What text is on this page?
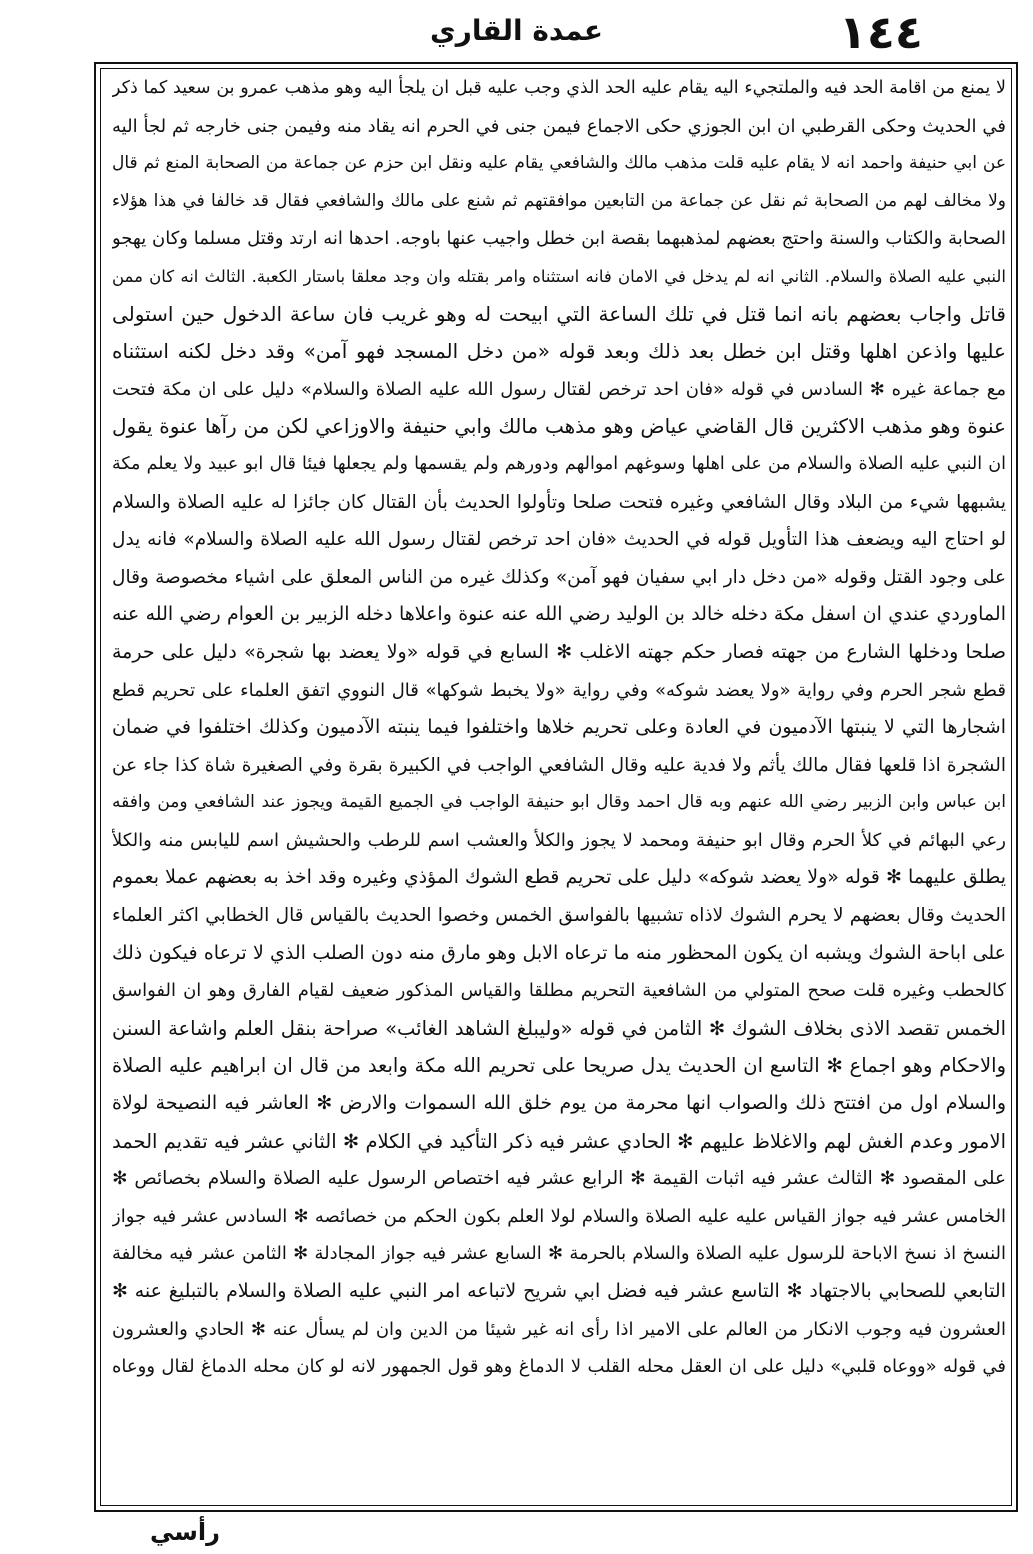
١٤٤
عمدة القاري
لا يمنع من اقامة الحد فيه والملتجيء اليه يقام عليه الحد الذي وجب عليه قبل ان يلجأ اليه وهو مذهب عمرو بن سعيد كما ذكر
في الحديث وحكى القرطبي ان ابن الجوزي حكى الاجماع فيمن جنى في الحرم انه يقاد منه وفيمن جنى خارجه ثم لجأ اليه
عن ابي حنيفة واحمد انه لا يقام عليه قلت مذهب مالك والشافعي يقام عليه ونقل ابن حزم عن جماعة من الصحابة المنع ثم قال
ولا مخالف لهم من الصحابة ثم نقل عن جماعة من التابعين موافقتهم ثم شنع على مالك والشافعي فقال قد خالفا في هذا هؤلاء
الصحابة والكتاب والسنة واحتج بعضهم لمذهبهما بقصة ابن خطل واجيب عنها باوجه. احدها انه ارتد وقتل مسلما وكان يهجو
النبي عليه الصلاة والسلام. الثاني انه لم يدخل في الامان فانه استثناه وامر بقتله وان وجد معلقا باستار الكعبة. الثالث انه كان ممن
قاتل واجاب بعضهم بانه انما قتل في تلك الساعة التي ابيحت له وهو غريب فان ساعة الدخول حين استولى
عليها واذعن اهلها وقتل ابن خطل بعد ذلك وبعد قوله «من دخل المسجد فهو آمن» وقد دخل لكنه استثناه
مع جماعة غيره ✻ السادس في قوله «فان احد ترخص لقتال رسول الله عليه الصلاة والسلام» دليل على ان مكة فتحت
عنوة وهو مذهب الاكثرين قال القاضي عياض وهو مذهب مالك وابي حنيفة والاوزاعي لكن من رآها عنوة يقول
ان النبي عليه الصلاة والسلام من على اهلها وسوغهم اموالهم ودورهم ولم يقسمها ولم يجعلها فيئا قال ابو عبيد ولا يعلم مكة
يشبهها شيء من البلاد وقال الشافعي وغيره فتحت صلحا وتأولوا الحديث بأن القتال كان جائزا له عليه الصلاة والسلام
لو احتاج اليه ويضعف هذا التأويل قوله في الحديث «فان احد ترخص لقتال رسول الله عليه الصلاة والسلام» فانه يدل
على وجود القتل وقوله «من دخل دار ابي سفيان فهو آمن» وكذلك غيره من الناس المعلق على اشياء مخصوصة وقال
الماوردي عندي ان اسفل مكة دخله خالد بن الوليد رضي الله عنه عنوة واعلاها دخله الزبير بن العوام رضي الله عنه
صلحا ودخلها الشارع من جهته فصار حكم جهته الاغلب ✻ السابع في قوله «ولا يعضد بها شجرة» دليل على حرمة
قطع شجر الحرم وفي رواية «ولا يعضد شوكه» وفي رواية «ولا يخبط شوكها» قال النووي اتفق العلماء على تحريم قطع
اشجارها التي لا ينبتها الآدميون في العادة وعلى تحريم خلاها واختلفوا فيما ينبته الآدميون وكذلك اختلفوا في ضمان
الشجرة اذا قلعها فقال مالك يأثم ولا فدية عليه وقال الشافعي الواجب في الكبيرة بقرة وفي الصغيرة شاة كذا جاء عن
ابن عباس وابن الزبير رضي الله عنهم وبه قال احمد وقال ابو حنيفة الواجب في الجميع القيمة ويجوز عند الشافعي ومن وافقه
رعي البهائم في كلأ الحرم وقال ابو حنيفة ومحمد لا يجوز والكلأ والعشب اسم للرطب والحشيش اسم لليابس منه والكلأ
يطلق عليهما ✻ قوله «ولا يعضد شوكه» دليل على تحريم قطع الشوك المؤذي وغيره وقد اخذ به بعضهم عملا بعموم
الحديث وقال بعضهم لا يحرم الشوك لاذاه تشبيها بالفواسق الخمس وخصوا الحديث بالقياس قال الخطابي اكثر العلماء
على اباحة الشوك ويشبه ان يكون المحظور منه ما ترعاه الابل وهو مارق منه دون الصلب الذي لا ترعاه فيكون ذلك
كالحطب وغيره قلت صحح المتولي من الشافعية التحريم مطلقا والقياس المذكور ضعيف لقيام الفارق وهو ان الفواسق
الخمس تقصد الاذى بخلاف الشوك ✻ الثامن في قوله «وليبلغ الشاهد الغائب» صراحة بنقل العلم واشاعة السنن
والاحكام وهو اجماع ✻ التاسع ان الحديث يدل صريحا على تحريم الله مكة وابعد من قال ان ابراهيم عليه الصلاة
والسلام اول من افتتح ذلك والصواب انها محرمة من يوم خلق الله السموات والارض ✻ العاشر فيه النصيحة لولاة
الامور وعدم الغش لهم والاغلاظ عليهم ✻ الحادي عشر فيه ذكر التأكيد في الكلام ✻ الثاني عشر فيه تقديم الحمد
على المقصود ✻ الثالث عشر فيه اثبات القيمة ✻ الرابع عشر فيه اختصاص الرسول عليه الصلاة والسلام بخصائص ✻
الخامس عشر فيه جواز القياس عليه عليه الصلاة والسلام لولا العلم بكون الحكم من خصائصه ✻ السادس عشر فيه جواز
النسخ اذ نسخ الاباحة للرسول عليه الصلاة والسلام بالحرمة ✻ السابع عشر فيه جواز المجادلة ✻ الثامن عشر فيه مخالفة
التابعي للصحابي بالاجتهاد ✻ التاسع عشر فيه فضل ابي شريح لاتباعه امر النبي عليه الصلاة والسلام بالتبليغ عنه ✻
العشرون فيه وجوب الانكار من العالم على الامير اذا رأى انه غير شيئا من الدين وان لم يسأل عنه ✻ الحادي والعشرون
في قوله «ووعاه قلبي» دليل على ان العقل محله القلب لا الدماغ وهو قول الجمهور لانه لو كان محله الدماغ لقال ووعاه
رأسي
